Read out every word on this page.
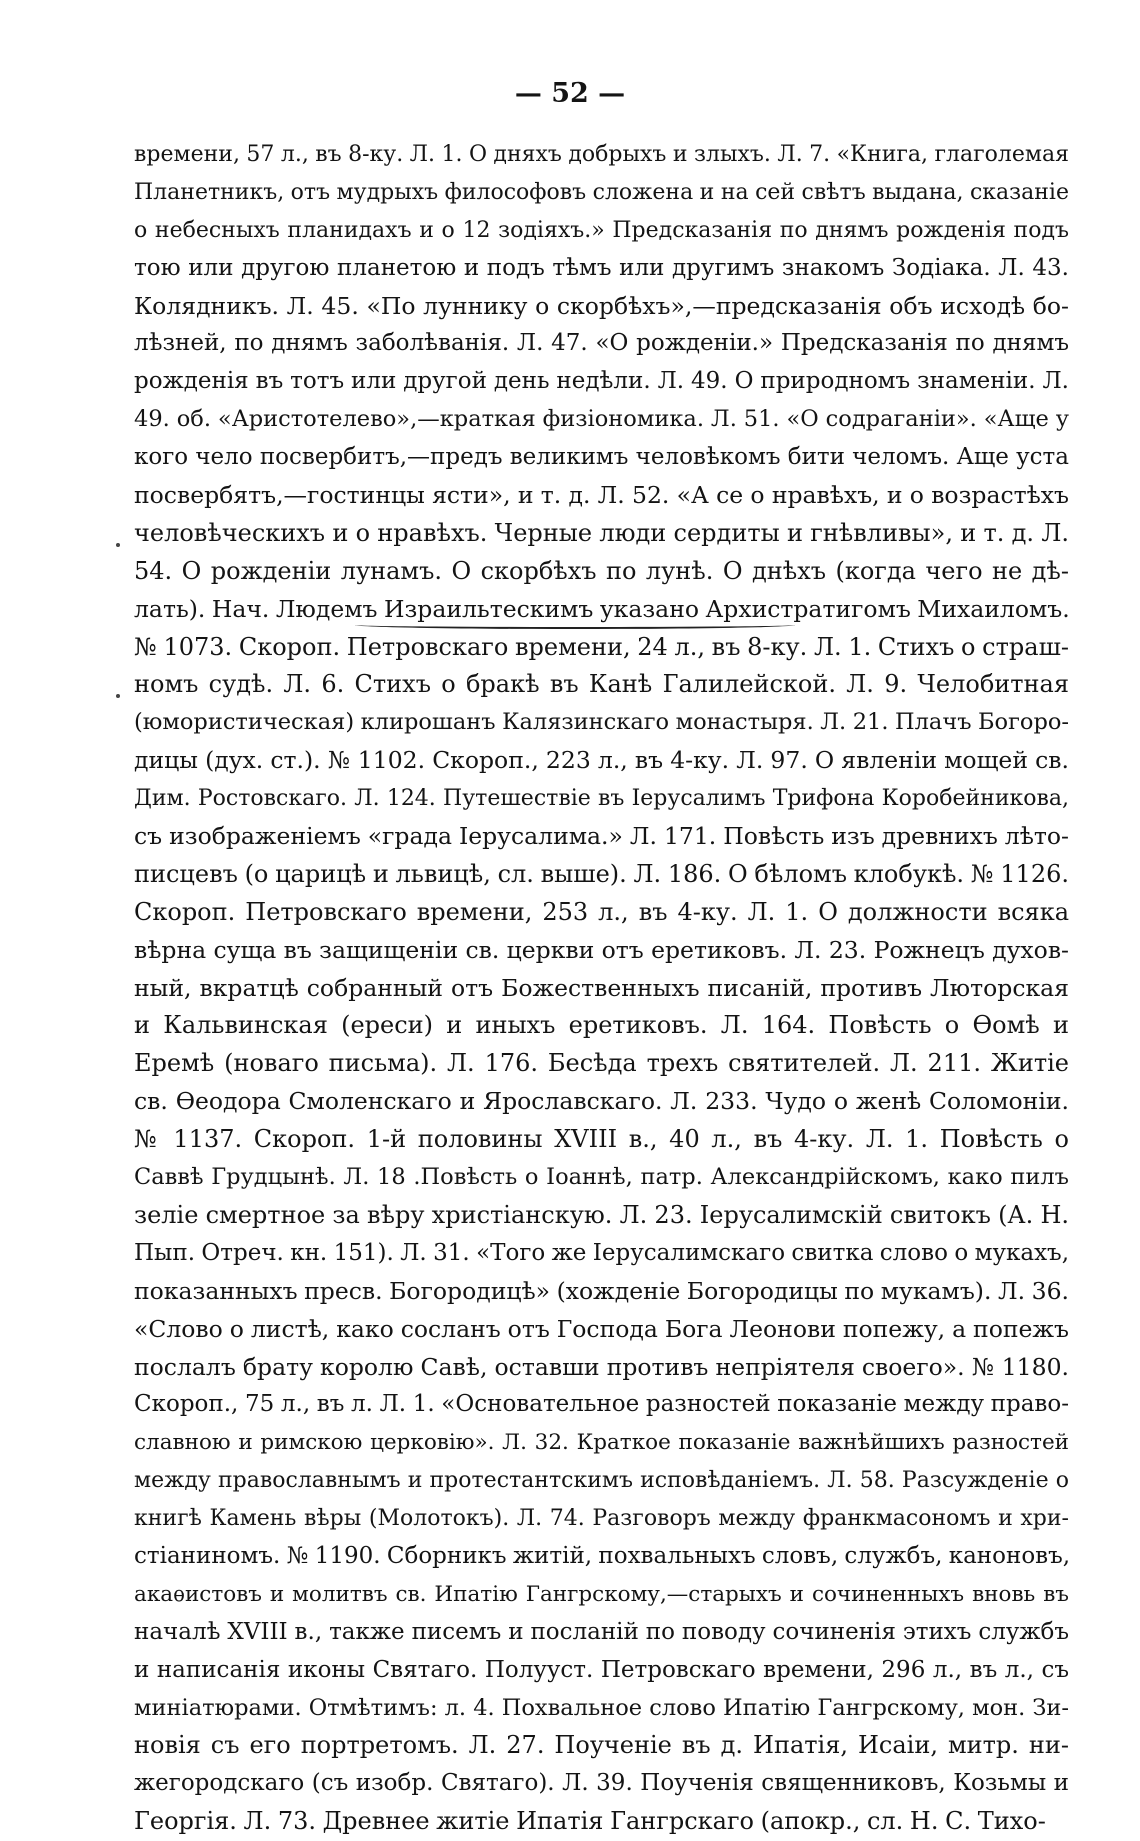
— 52 —
времени, 57 л., въ 8-ку. Л. 1. О дняхъ добрыхъ и злыхъ. Л. 7. «Книга, глаголемая
Планетникъ, отъ мудрыхъ философовъ сложена и на сей свѣтъ выдана, сказаніе
о небесныхъ планидахъ и о 12 зодіяхъ.» Предсказанія по днямъ рожденія подъ
тою или другою планетою и подъ тѣмъ или другимъ знакомъ Зодіака. Л. 43.
Колядникъ. Л. 45. «По луннику о скорбѣхъ»,—предсказанія объ исходѣ бо-
лѣзней, по днямъ заболѣванія. Л. 47. «О рожденіи.» Предсказанія по днямъ
рожденія въ тотъ или другой день недѣли. Л. 49. О природномъ знаменіи. Л.
49. об. «Аристотелево»,—краткая физіономика. Л. 51. «О содраганіи». «Аще у
кого чело посвербитъ,—предъ великимъ человѣкомъ бити челомъ. Аще уста
посвербятъ,—гостинцы ясти», и т. д. Л. 52. «А се о нравѣхъ, и о возрастѣхъ
человѣческихъ и о нравѣхъ. Черные люди сердиты и гнѣвливы», и т. д. Л.
54. О рожденіи лунамъ. О скорбѣхъ по лунѣ. О днѣхъ (когда чего не дѣ-
лать). Нач. Людемъ Израильтескимъ указано Архистратигомъ Михаиломъ.
№ 1073. Скороп. Петровскаго времени, 24 л., въ 8-ку. Л. 1. Стихъ о страш-
номъ судѣ. Л. 6. Стихъ о бракѣ въ Канѣ Галилейской. Л. 9. Челобитная
(юмористическая) клирошанъ Калязинскаго монастыря. Л. 21. Плачъ Богоро-
дицы (дух. ст.). № 1102. Скороп., 223 л., въ 4-ку. Л. 97. О явленіи мощей св.
Дим. Ростовскаго. Л. 124. Путешествіе въ Іерусалимъ Трифона Коробейникова,
съ изображеніемъ «града Іерусалима.» Л. 171. Повѣсть изъ древнихъ лѣто-
писцевъ (о царицѣ и львицѣ, сл. выше). Л. 186. О бѣломъ клобукѣ. № 1126.
Скороп. Петровскаго времени, 253 л., въ 4-ку. Л. 1. О должности всяка
вѣрна суща въ защищеніи св. церкви отъ еретиковъ. Л. 23. Рожнецъ духов-
ный, вкратцѣ собранный отъ Божественныхъ писаній, противъ Люторская
и Кальвинская (ереси) и иныхъ еретиковъ. Л. 164. Повѣсть о Ѳомѣ и
Еремѣ (новаго письма). Л. 176. Бесѣда трехъ святителей. Л. 211. Житіе
св. Ѳеодора Смоленскаго и Ярославскаго. Л. 233. Чудо о женѣ Соломоніи.
№ 1137. Скороп. 1-й половины XVIII в., 40 л., въ 4-ку. Л. 1. Повѣсть о
Саввѣ Грудцынѣ. Л. 18 .Повѣсть о Іоаннѣ, патр. Александрійскомъ, како пилъ
зеліе смертное за вѣру христіанскую. Л. 23. Іерусалимскій свитокъ (А. Н.
Пып. Отреч. кн. 151). Л. 31. «Того же Іерусалимскаго свитка слово о мукахъ,
показанныхъ пресв. Богородицѣ» (хожденіе Богородицы по мукамъ). Л. 36.
«Слово о листѣ, како сосланъ отъ Господа Бога Леонови попежу, а попежъ
послалъ брату королю Савѣ, оставши противъ непріятеля своего». № 1180.
Скороп., 75 л., въ л. Л. 1. «Основательное разностей показаніе между право-
славною и римскою церковію». Л. 32. Краткое показаніе важнѣйшихъ разностей
между православнымъ и протестантскимъ исповѣданіемъ. Л. 58. Разсужденіе о
книгѣ Камень вѣры (Молотокъ). Л. 74. Разговоръ между франкмасономъ и хри-
стіаниномъ. № 1190. Сборникъ житій, похвальныхъ словъ, службъ, каноновъ,
акаѳистовъ и молитвъ св. Ипатію Гангрскому,—старыхъ и сочиненныхъ вновь въ
началѣ XVIII в., также писемъ и посланій по поводу сочиненія этихъ службъ
и написанія иконы Святаго. Полууст. Петровскаго времени, 296 л., въ л., съ
миніатюрами. Отмѣтимъ: л. 4. Похвальное слово Ипатію Гангрскому, мон. Зи-
новія съ его портретомъ. Л. 27. Поученіе въ д. Ипатія, Исаіи, митр. ни-
жегородскаго (съ изобр. Святаго). Л. 39. Поученія священниковъ, Козьмы и
Георгія. Л. 73. Древнее житіе Ипатія Гангрскаго (апокр., сл. Н. С. Тихо-
